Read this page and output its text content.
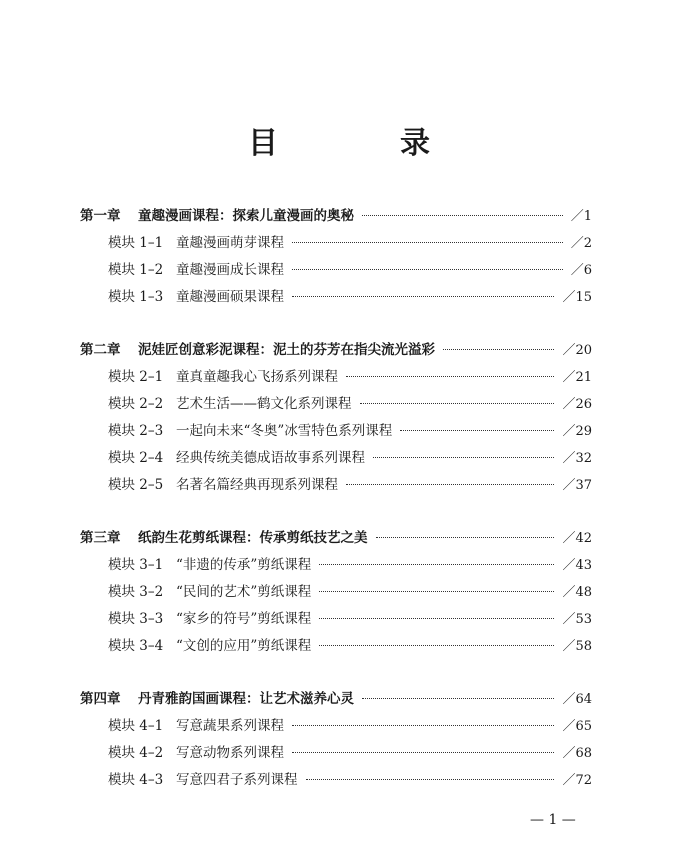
目　录
第一章	童趣漫画课程：探索儿童漫画的奥秘	／1
模块 1–1 童趣漫画萌芽课程	／2
模块 1–2 童趣漫画成长课程	／6
模块 1–3 童趣漫画硕果课程	／15
第二章	泥娃匠创意彩泥课程：泥土的芬芳在指尖流光溢彩	／20
模块 2–1 童真童趣我心飞扬系列课程	／21
模块 2–2 艺术生活——鹤文化系列课程	／26
模块 2–3 一起向未来“冬奥”冰雪特色系列课程	／29
模块 2–4 经典传统美德成语故事系列课程	／32
模块 2–5 名著名篇经典再现系列课程	／37
第三章	纸韵生花剪纸课程：传承剪纸技艺之美	／42
模块 3–1 “非遗的传承”剪纸课程	／43
模块 3–2 “民间的艺术”剪纸课程	／48
模块 3–3 “家乡的符号”剪纸课程	／53
模块 3–4 “文创的应用”剪纸课程	／58
第四章	丹青雅韵国画课程：让艺术滋养心灵	／64
模块 4–1 写意蔬果系列课程	／65
模块 4–2 写意动物系列课程	／68
模块 4–3 写意四君子系列课程	／72
— 1 —
